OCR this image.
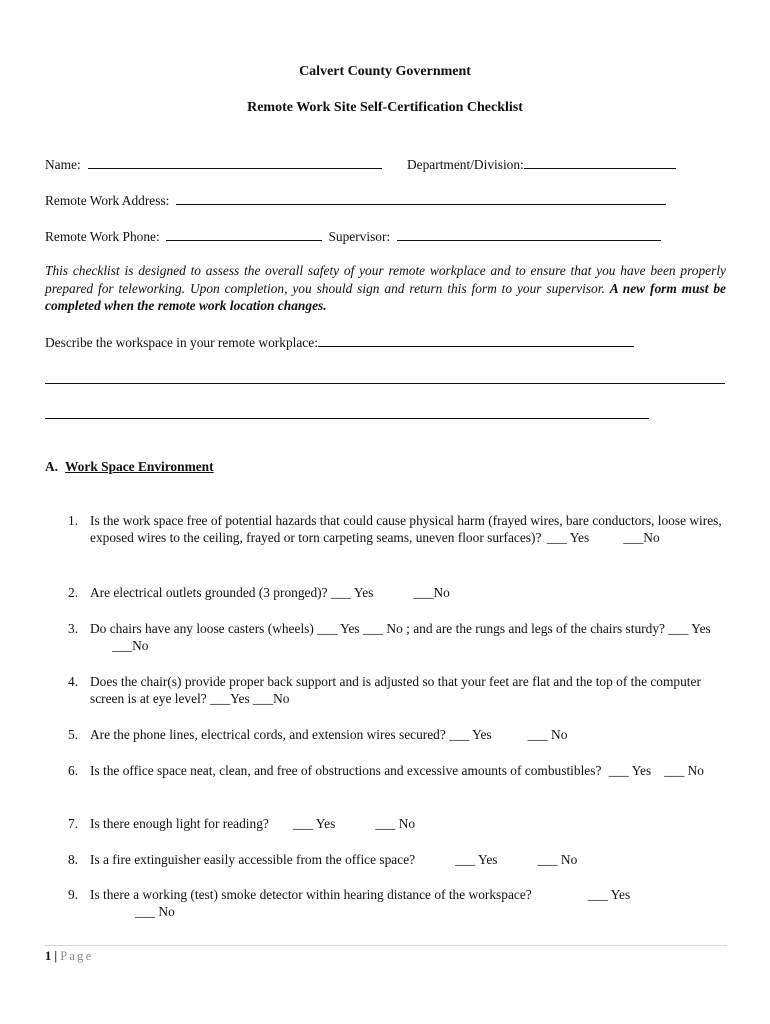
Calvert County Government
Remote Work Site Self-Certification Checklist
Name:	Department/Division:
Remote Work Address:
Remote Work Phone:	Supervisor:
This checklist is designed to assess the overall safety of your remote workplace and to ensure that you have been properly prepared for teleworking. Upon completion, you should sign and return this form to your supervisor. A new form must be completed when the remote work location changes.
Describe the workspace in your remote workplace:
A. Work Space Environment
1. Is the work space free of potential hazards that could cause physical harm (frayed wires, bare conductors, loose wires, exposed wires to the ceiling, frayed or torn carpeting seams, uneven floor surfaces)? ___ Yes	___No
2. Are electrical outlets grounded (3 pronged)? ___ Yes	___No
3. Do chairs have any loose casters (wheels) ___ Yes ___ No ; and are the rungs and legs of the chairs sturdy? ___ Yes___No
4. Does the chair(s) provide proper back support and is adjusted so that your feet are flat and the top of the computer screen is at eye level? ___Yes ___No
5. Are the phone lines, electrical cords, and extension wires secured? ___ Yes	___ No
6. Is the office space neat, clean, and free of obstructions and excessive amounts of combustibles? ___ Yes ___ No
7. Is there enough light for reading? ___ Yes	___ No
8. Is a fire extinguisher easily accessible from the office space?	___ Yes	___ No
9. Is there a working (test) smoke detector within hearing distance of the workspace?	___ Yes
___ No
1 | Page
